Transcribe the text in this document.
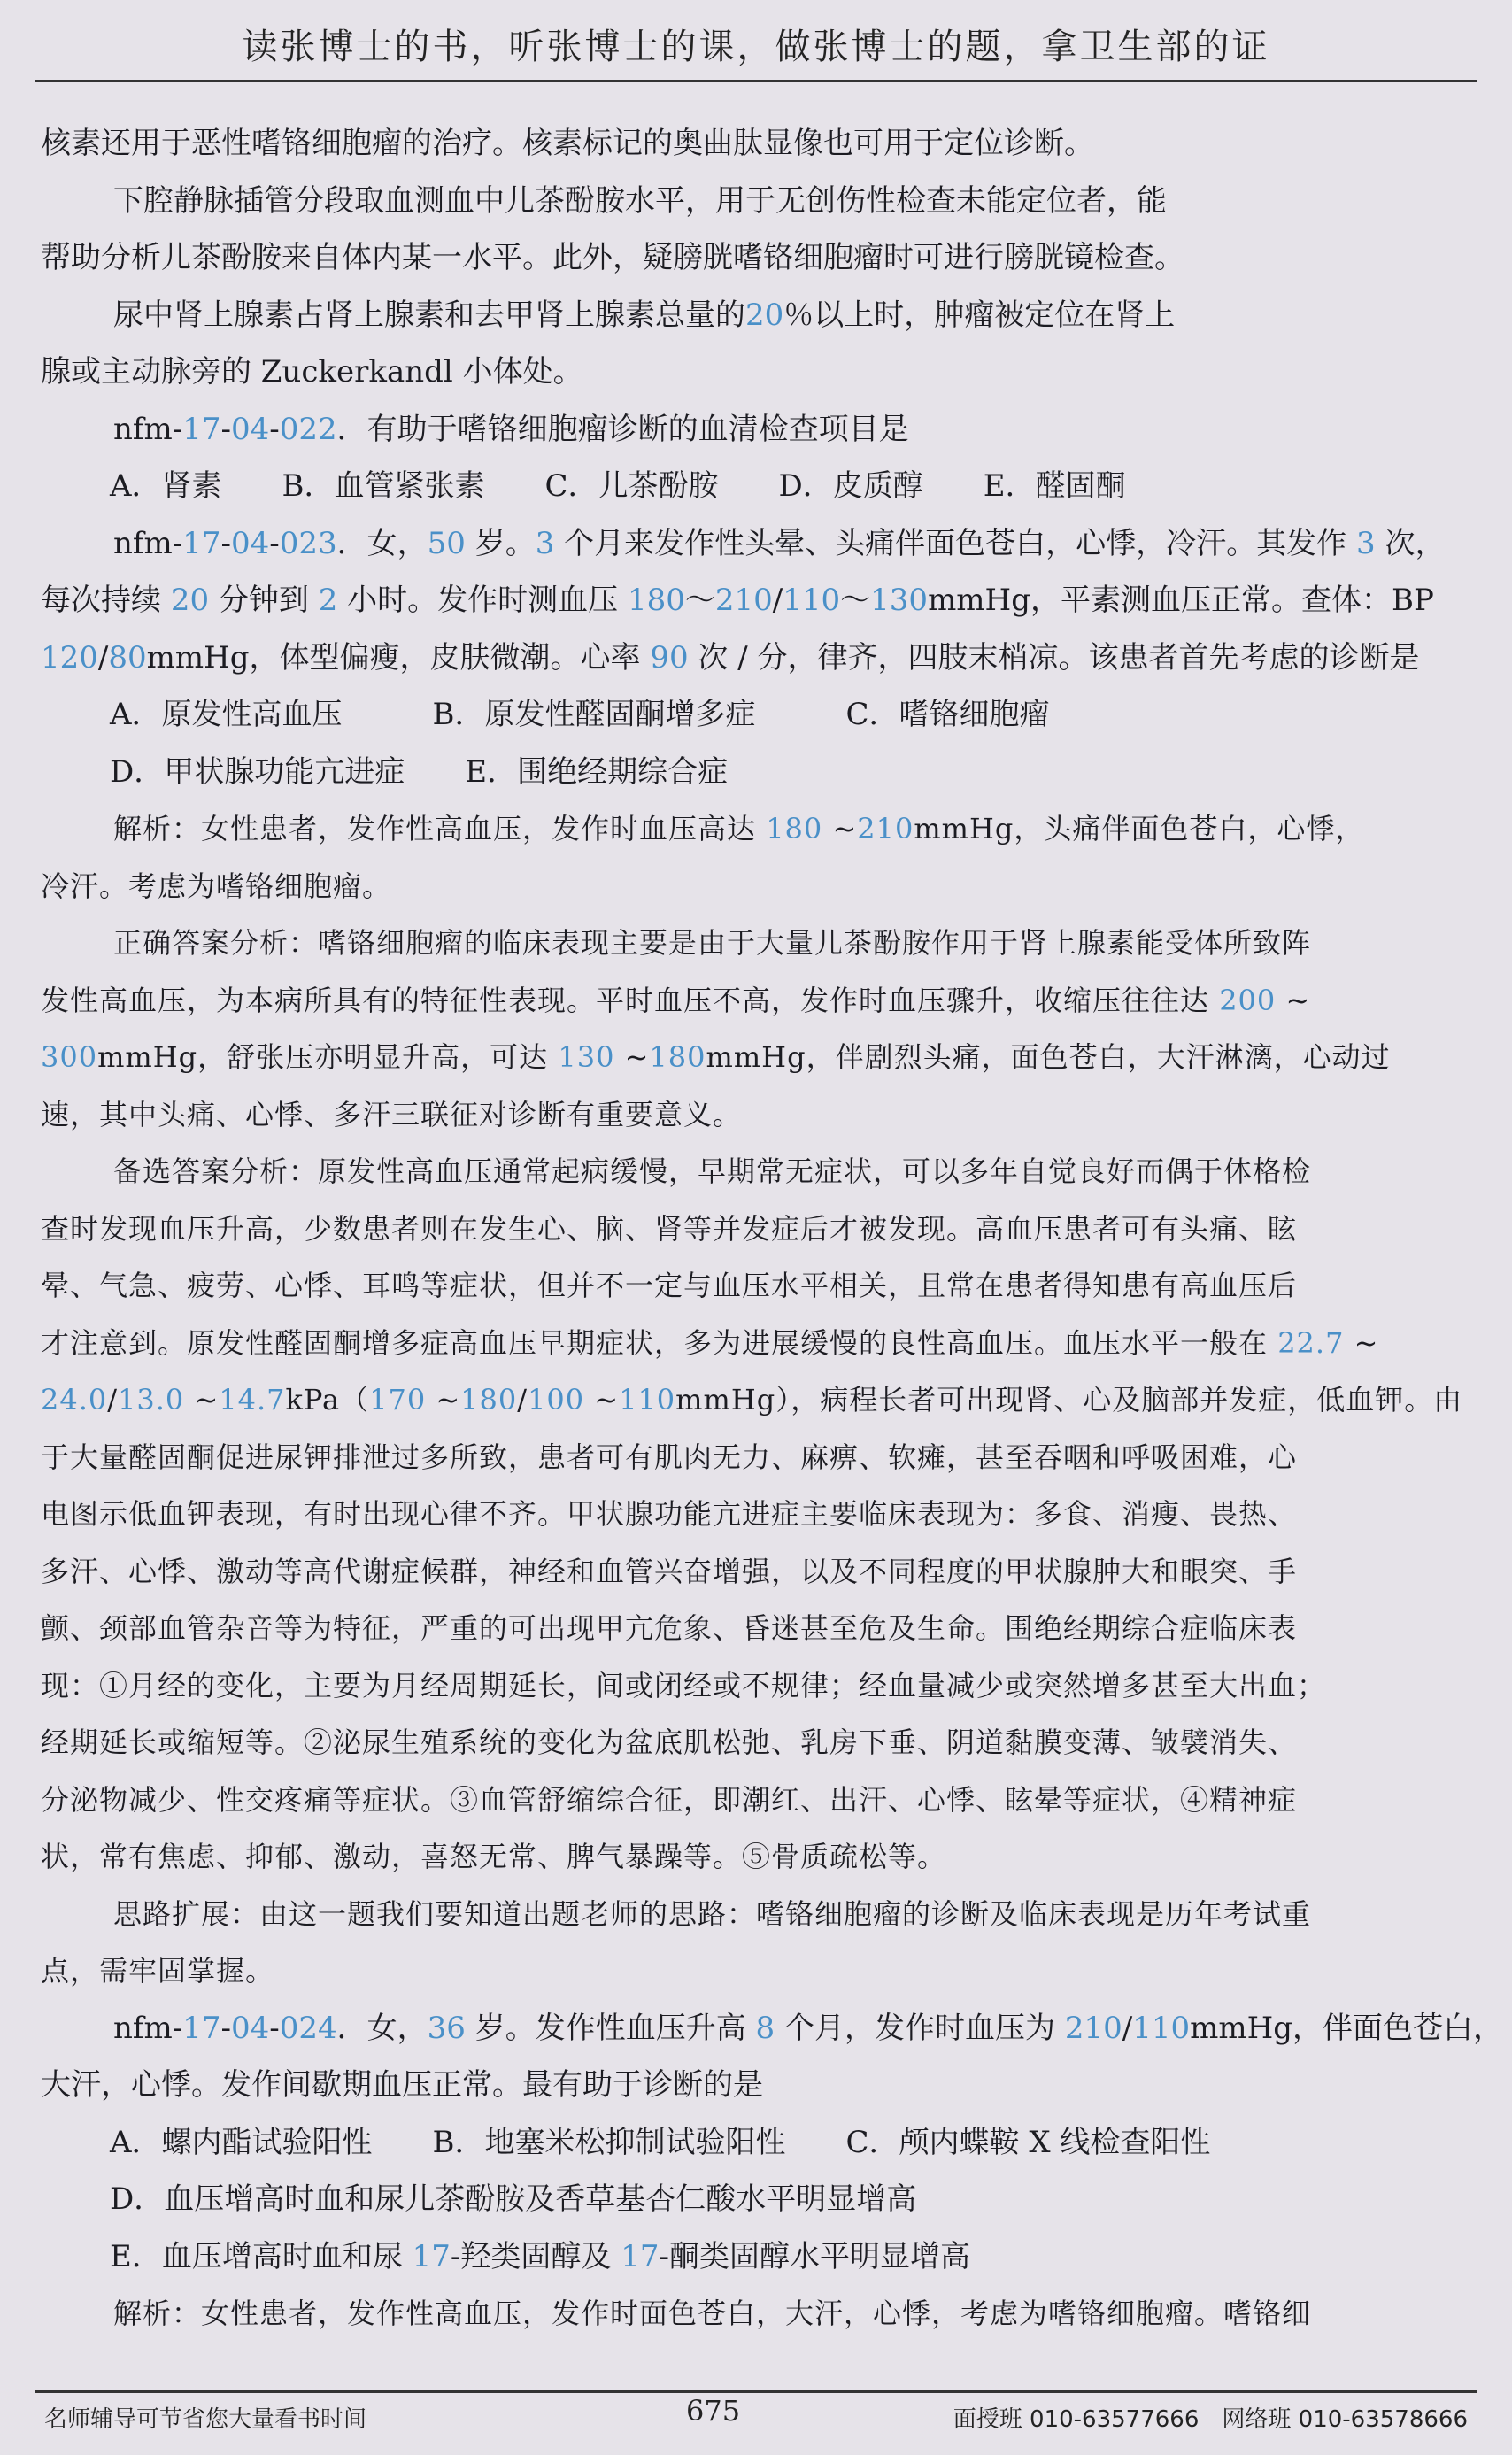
读张博士的书，听张博士的课，做张博士的题，拿卫生部的证
核素还用于恶性嗜铬细胞瘤的治疗。核素标记的奥曲肽显像也可用于定位诊断。
下腔静脉插管分段取血测血中儿茶酚胺水平，用于无创伤性检查未能定位者，能
帮助分析儿茶酚胺来自体内某一水平。此外，疑膀胱嗜铬细胞瘤时可进行膀胱镜检查。
尿中肾上腺素占肾上腺素和去甲肾上腺素总量的20％以上时，肿瘤被定位在肾上
腺或主动脉旁的 Zuckerkandl 小体处。
nfm-17-04-022．有助于嗜铬细胞瘤诊断的血清检查项目是
A．肾素　　B．血管紧张素　　C．儿茶酚胺　　D．皮质醇　　E．醛固酮
nfm-17-04-023．女，50 岁。3 个月来发作性头晕、头痛伴面色苍白，心悸，冷汗。其发作 3 次，
每次持续 20 分钟到 2 小时。发作时测血压 180～210/110～130mmHg，平素测血压正常。查体：BP
120/80mmHg，体型偏瘦，皮肤微潮。心率 90 次 / 分，律齐，四肢末梢凉。该患者首先考虑的诊断是
A．原发性高血压　　　B．原发性醛固酮增多症　　　C．嗜铬细胞瘤
D．甲状腺功能亢进症　　E．围绝经期综合症
解析：女性患者，发作性高血压，发作时血压高达 180 ~210mmHg，头痛伴面色苍白，心悸，
冷汗。考虑为嗜铬细胞瘤。
正确答案分析：嗜铬细胞瘤的临床表现主要是由于大量儿茶酚胺作用于肾上腺素能受体所致阵
发性高血压，为本病所具有的特征性表现。平时血压不高，发作时血压骤升，收缩压往往达 200 ~
300mmHg，舒张压亦明显升高，可达 130 ~180mmHg，伴剧烈头痛，面色苍白，大汗淋漓，心动过
速，其中头痛、心悸、多汗三联征对诊断有重要意义。
备选答案分析：原发性高血压通常起病缓慢，早期常无症状，可以多年自觉良好而偶于体格检
查时发现血压升高，少数患者则在发生心、脑、肾等并发症后才被发现。高血压患者可有头痛、眩
晕、气急、疲劳、心悸、耳鸣等症状，但并不一定与血压水平相关，且常在患者得知患有高血压后
才注意到。原发性醛固酮增多症高血压早期症状，多为进展缓慢的良性高血压。血压水平一般在 22.7 ~
24.0/13.0 ~14.7kPa（170 ~180/100 ~110mmHg），病程长者可出现肾、心及脑部并发症，低血钾。由
于大量醛固酮促进尿钾排泄过多所致，患者可有肌肉无力、麻痹、软瘫，甚至吞咽和呼吸困难，心
电图示低血钾表现，有时出现心律不齐。甲状腺功能亢进症主要临床表现为：多食、消瘦、畏热、
多汗、心悸、激动等高代谢症候群，神经和血管兴奋增强，以及不同程度的甲状腺肿大和眼突、手
颤、颈部血管杂音等为特征，严重的可出现甲亢危象、昏迷甚至危及生命。围绝经期综合症临床表
现：①月经的变化，主要为月经周期延长，间或闭经或不规律；经血量减少或突然增多甚至大出血；
经期延长或缩短等。②泌尿生殖系统的变化为盆底肌松弛、乳房下垂、阴道黏膜变薄、皱襞消失、
分泌物减少、性交疼痛等症状。③血管舒缩综合征，即潮红、出汗、心悸、眩晕等症状，④精神症
状，常有焦虑、抑郁、激动，喜怒无常、脾气暴躁等。⑤骨质疏松等。
思路扩展：由这一题我们要知道出题老师的思路：嗜铬细胞瘤的诊断及临床表现是历年考试重
点，需牢固掌握。
nfm-17-04-024．女，36 岁。发作性血压升高 8 个月，发作时血压为 210/110mmHg，伴面色苍白，
大汗，心悸。发作间歇期血压正常。最有助于诊断的是
A．螺内酯试验阳性　　B．地塞米松抑制试验阳性　　C．颅内蝶鞍 X 线检查阳性
D．血压增高时血和尿儿茶酚胺及香草基杏仁酸水平明显增高
E．血压增高时血和尿 17-羟类固醇及 17-酮类固醇水平明显增高
解析：女性患者，发作性高血压，发作时面色苍白，大汗，心悸，考虑为嗜铬细胞瘤。嗜铬细
名师辅导可节省您大量看书时间	675	面授班 010-63577666　网络班 010-63578666
